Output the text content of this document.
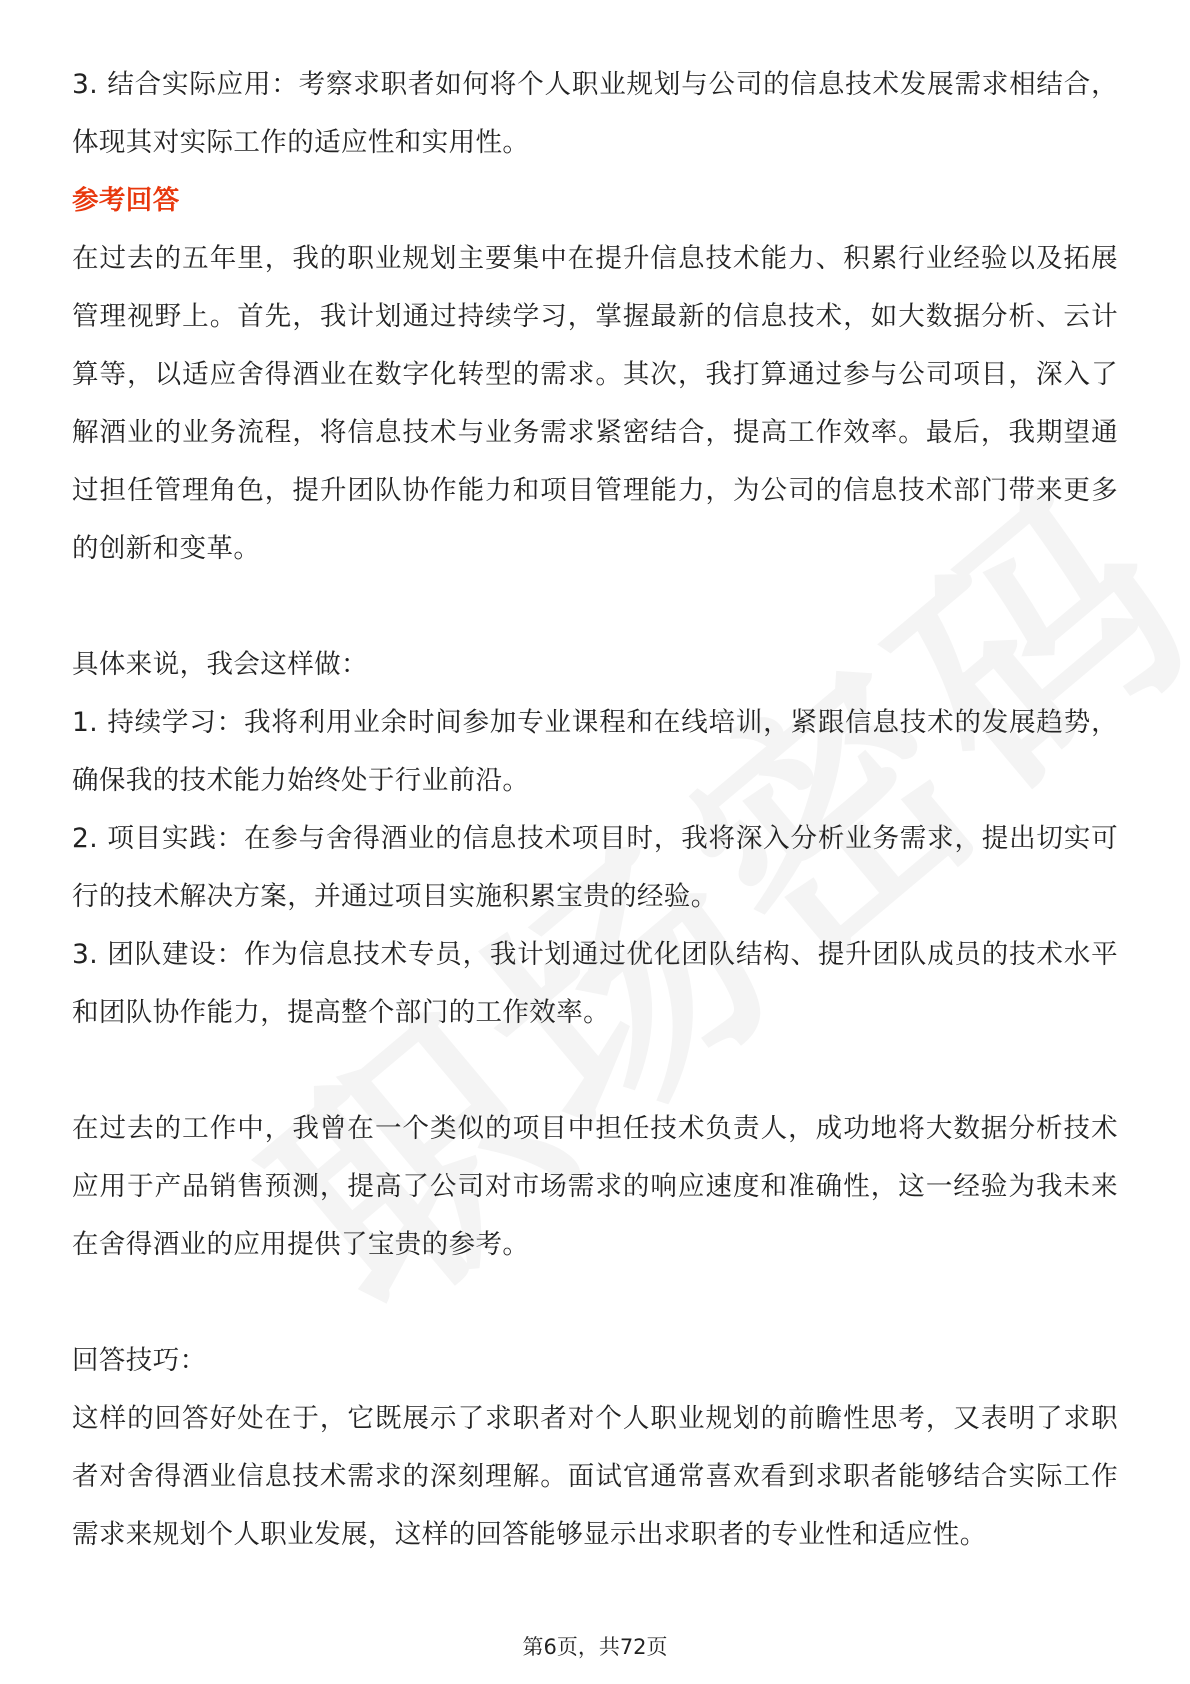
3. 结合实际应用：考察求职者如何将个人职业规划与公司的信息技术发展需求相结合，体现其对实际工作的适应性和实用性。

参考回答

在过去的五年里，我的职业规划主要集中在提升信息技术能力、积累行业经验以及拓展管理视野上。首先，我计划通过持续学习，掌握最新的信息技术，如大数据分析、云计算等，以适应舍得酒业在数字化转型的需求。其次，我打算通过参与公司项目，深入了解酒业的业务流程，将信息技术与业务需求紧密结合，提高工作效率。最后，我期望通过担任管理角色，提升团队协作能力和项目管理能力，为公司的信息技术部门带来更多的创新和变革。

具体来说，我会这样做：

1. 持续学习：我将利用业余时间参加专业课程和在线培训，紧跟信息技术的发展趋势，确保我的技术能力始终处于行业前沿。

2. 项目实践：在参与舍得酒业的信息技术项目时，我将深入分析业务需求，提出切实可行的技术解决方案，并通过项目实施积累宝贵的经验。

3. 团队建设：作为信息技术专员，我计划通过优化团队结构、提升团队成员的技术水平和团队协作能力，提高整个部门的工作效率。

在过去的工作中，我曾在一个类似的项目中担任技术负责人，成功地将大数据分析技术应用于产品销售预测，提高了公司对市场需求的响应速度和准确性，这一经验为我未来在舍得酒业的应用提供了宝贵的参考。

回答技巧：

这样的回答好处在于，它既展示了求职者对个人职业规划的前瞻性思考，又表明了求职者对舍得酒业信息技术需求的深刻理解。面试官通常喜欢看到求职者能够结合实际工作需求来规划个人职业发展，这样的回答能够显示出求职者的专业性和适应性。

第6页，共72页
